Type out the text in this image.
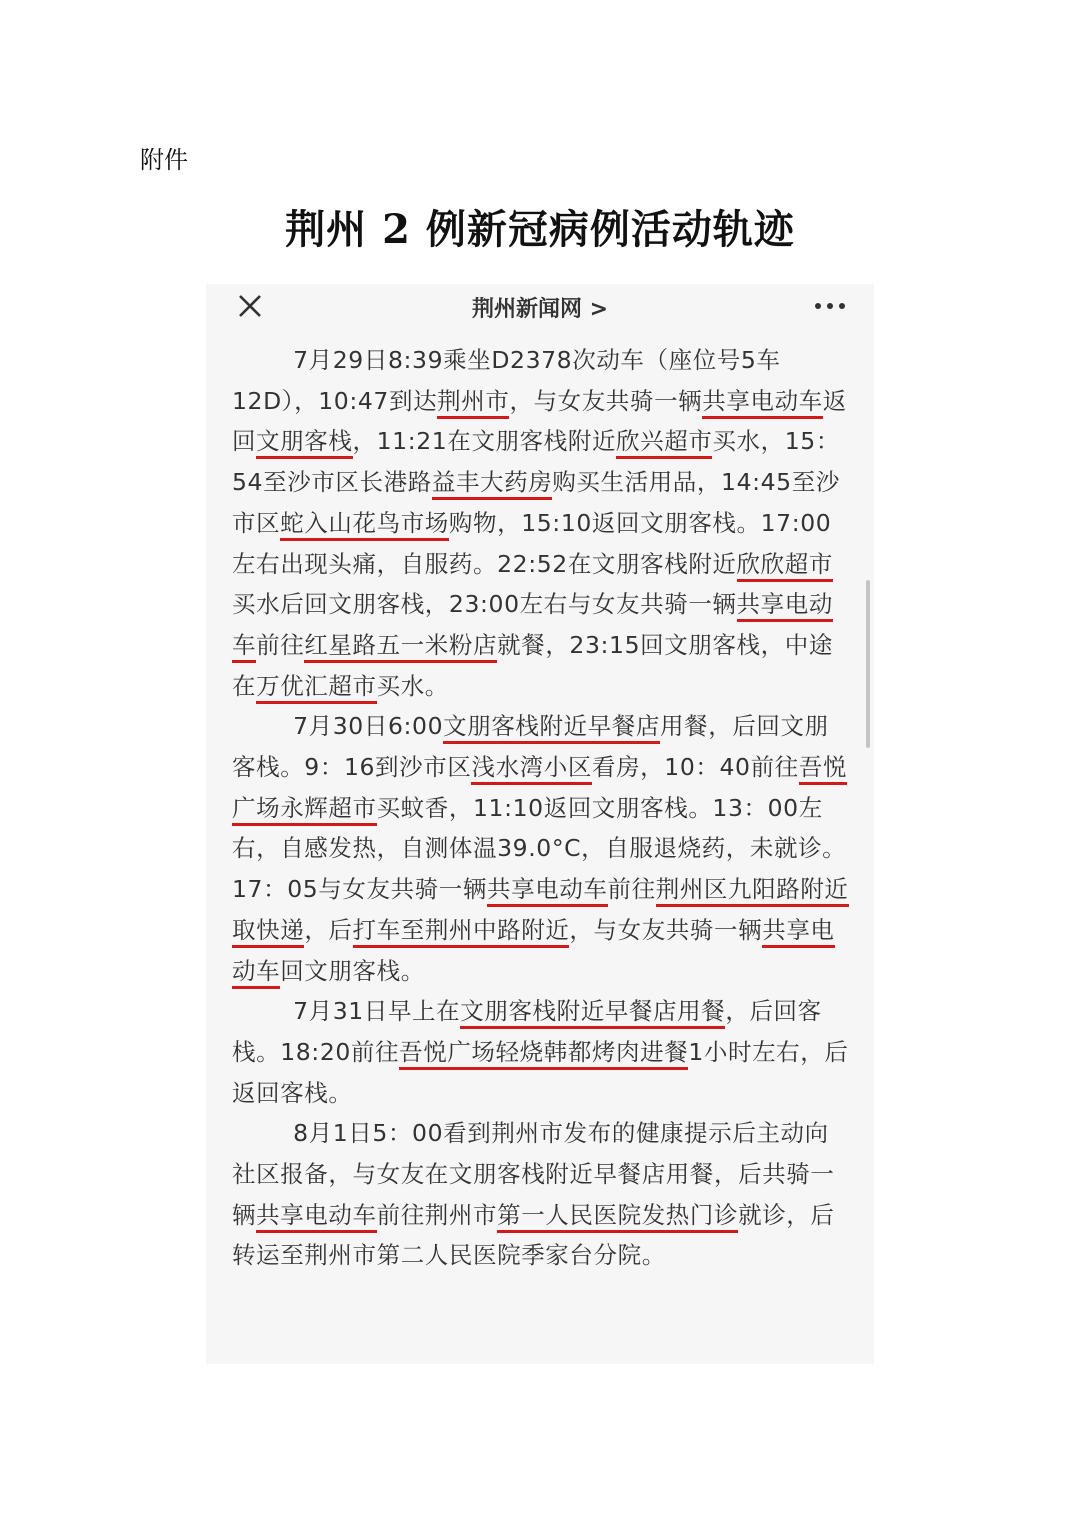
附件
荆州 2 例新冠病例活动轨迹
荆州新闻网 >

7月29日8:39乘坐D2378次动车（座位号5车12D），10:47到达荆州市，与女友共骑一辆共享电动车返回文朋客栈，11:21在文朋客栈附近欣兴超市买水，15：54至沙市区长港路益丰大药房购买生活用品，14:45至沙市区蛇入山花鸟市场购物，15:10返回文朋客栈。17:00左右出现头痛，自服药。22:52在文朋客栈附近欣欣超市买水后回文朋客栈，23:00左右与女友共骑一辆共享电动车前往红星路五一米粉店就餐，23:15回文朋客栈，中途在万优汇超市买水。

7月30日6:00文朋客栈附近早餐店用餐，后回文朋客栈。9：16到沙市区浅水湾小区看房，10：40前往吾悦广场永辉超市买蚊香，11:10返回文朋客栈。13：00左右，自感发热，自测体温39.0°C，自服退烧药，未就诊。17：05与女友共骑一辆共享电动车前往荆州区九阳路附近取快递，后打车至荆州中路附近，与女友共骑一辆共享电动车回文朋客栈。

7月31日早上在文朋客栈附近早餐店用餐，后回客栈。18:20前往吾悦广场轻烧韩都烤肉进餐1小时左右，后返回客栈。

8月1日5：00看到荆州市发布的健康提示后主动向社区报备，与女友在文朋客栈附近早餐店用餐，后共骑一辆共享电动车前往荆州市第一人民医院发热门诊就诊，后转运至荆州市第二人民医院季家台分院。
